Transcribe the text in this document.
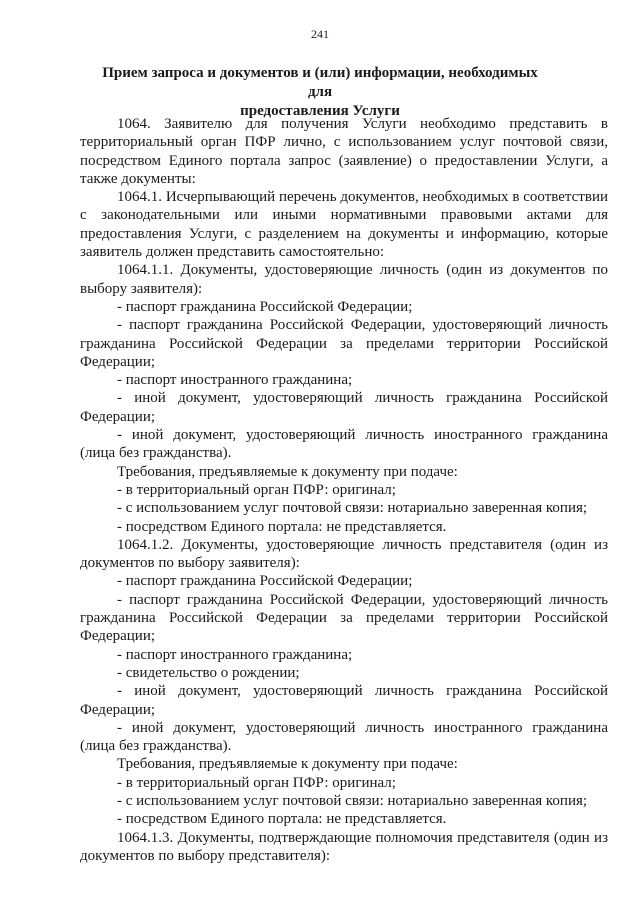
241
Прием запроса и документов и (или) информации, необходимых для
предоставления Услуги

1064. Заявителю для получения Услуги необходимо представить в территориальный орган ПФР лично, с использованием услуг почтовой связи, посредством Единого портала запрос (заявление) о предоставлении Услуги, а также документы:

1064.1. Исчерпывающий перечень документов, необходимых в соответствии с законодательными или иными нормативными правовыми актами для предоставления Услуги, с разделением на документы и информацию, которые заявитель должен представить самостоятельно:

1064.1.1. Документы, удостоверяющие личность (один из документов по выбору заявителя):

- паспорт гражданина Российской Федерации;

- паспорт гражданина Российской Федерации, удостоверяющий личность гражданина Российской Федерации за пределами территории Российской Федерации;

- паспорт иностранного гражданина;

- иной документ, удостоверяющий личность гражданина Российской Федерации;

- иной документ, удостоверяющий личность иностранного гражданина (лица без гражданства).

Требования, предъявляемые к документу при подаче:

- в территориальный орган ПФР: оригинал;

- с использованием услуг почтовой связи: нотариально заверенная копия;

- посредством Единого портала: не представляется.

1064.1.2. Документы, удостоверяющие личность представителя (один из документов по выбору заявителя):

- паспорт гражданина Российской Федерации;

- паспорт гражданина Российской Федерации, удостоверяющий личность гражданина Российской Федерации за пределами территории Российской Федерации;

- паспорт иностранного гражданина;

- свидетельство о рождении;

- иной документ, удостоверяющий личность гражданина Российской Федерации;

- иной документ, удостоверяющий личность иностранного гражданина (лица без гражданства).

Требования, предъявляемые к документу при подаче:

- в территориальный орган ПФР: оригинал;

- с использованием услуг почтовой связи: нотариально заверенная копия;

- посредством Единого портала: не представляется.

1064.1.3. Документы, подтверждающие полномочия представителя (один из документов по выбору представителя):
